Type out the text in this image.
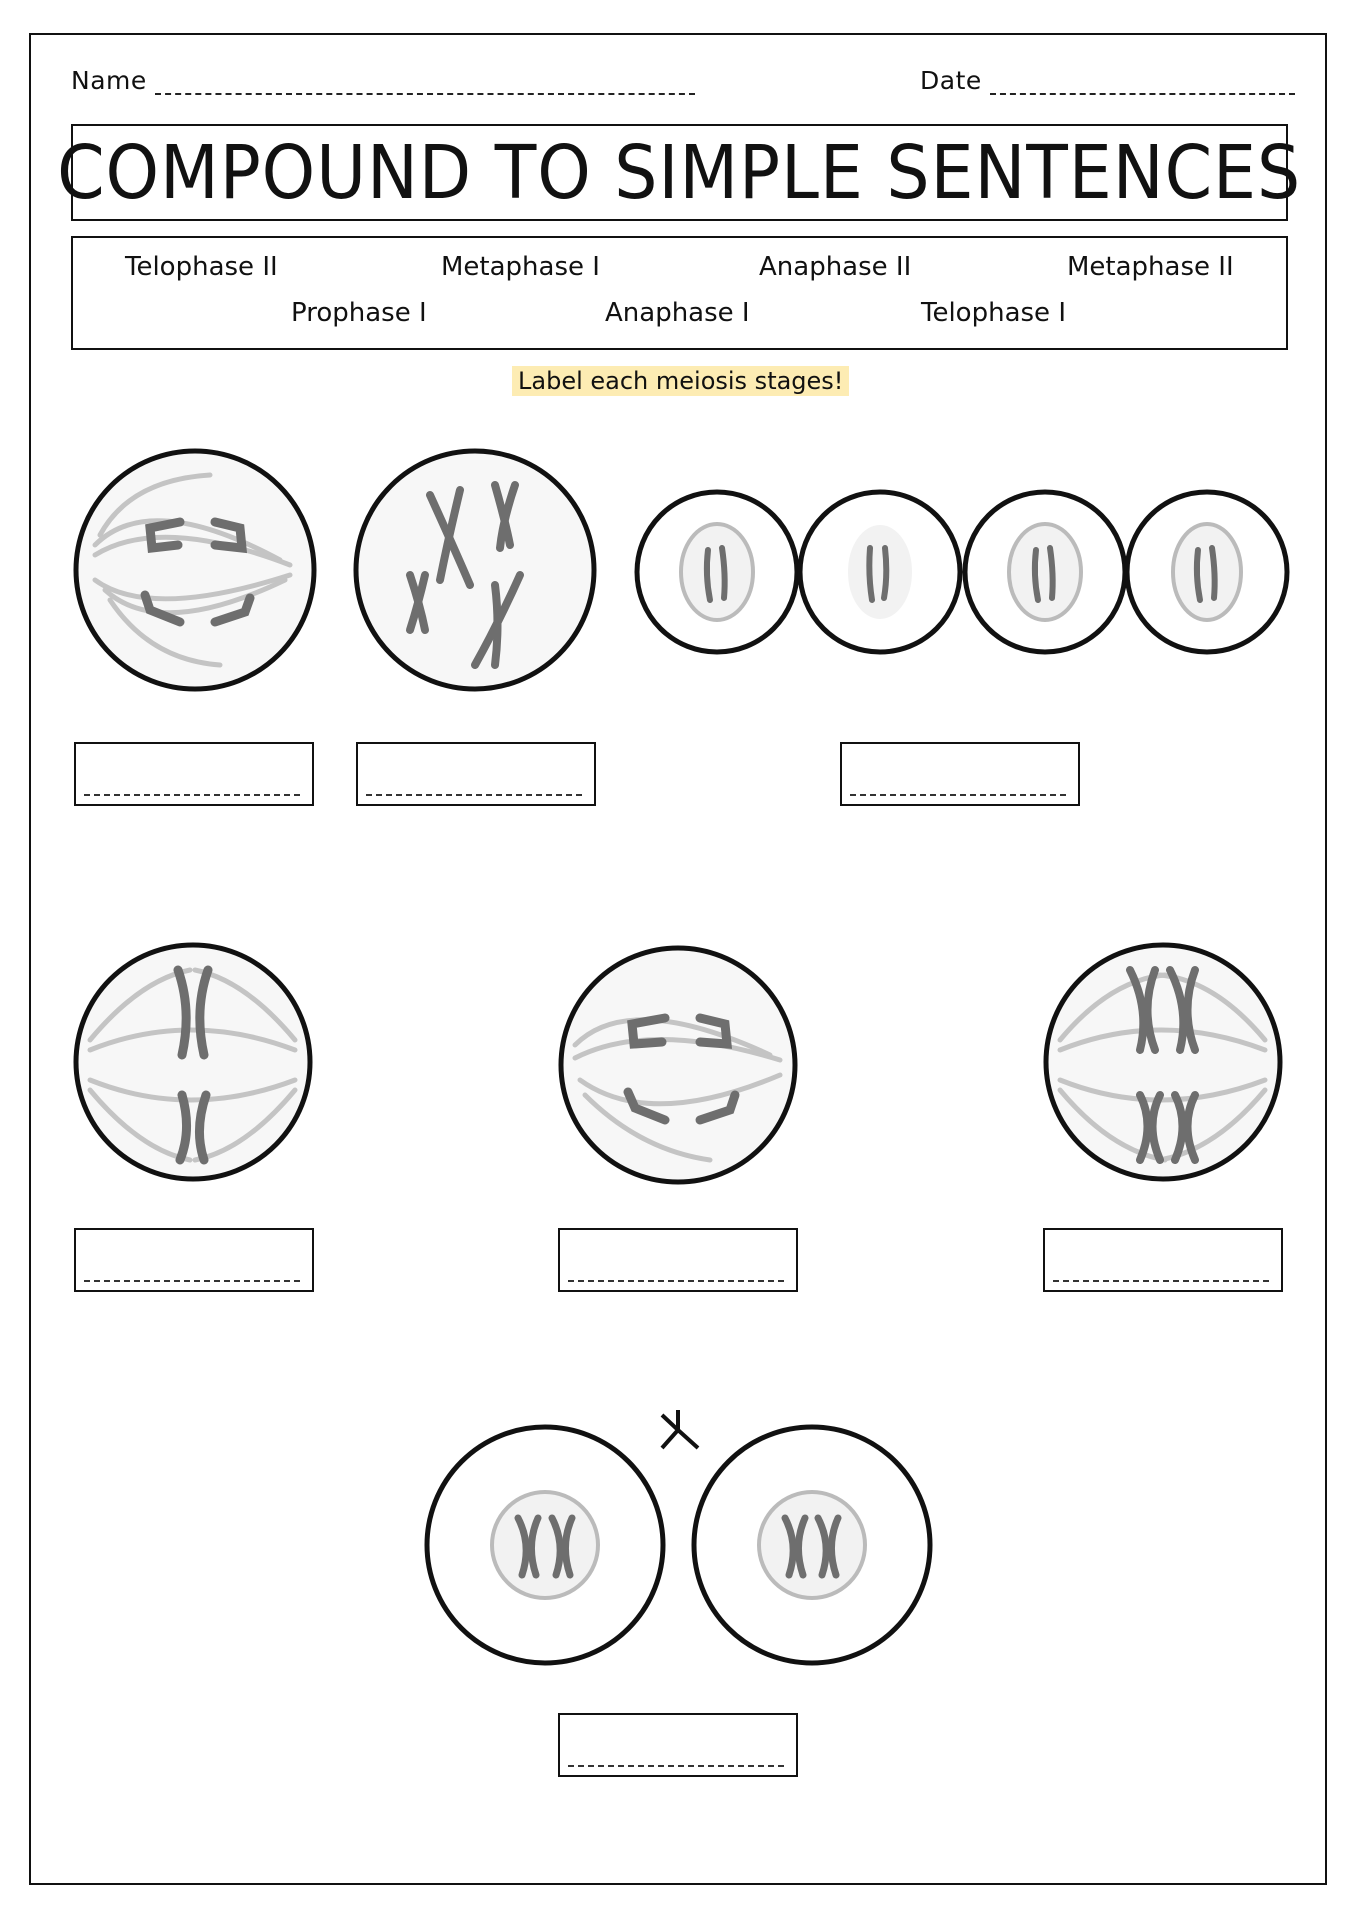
Name	Date
COMPOUND TO SIMPLE SENTENCES
Telophase II	Metaphase I	Anaphase II	Metaphase II
Prophase I	Anaphase I	Telophase I
Label each meiosis stages!
